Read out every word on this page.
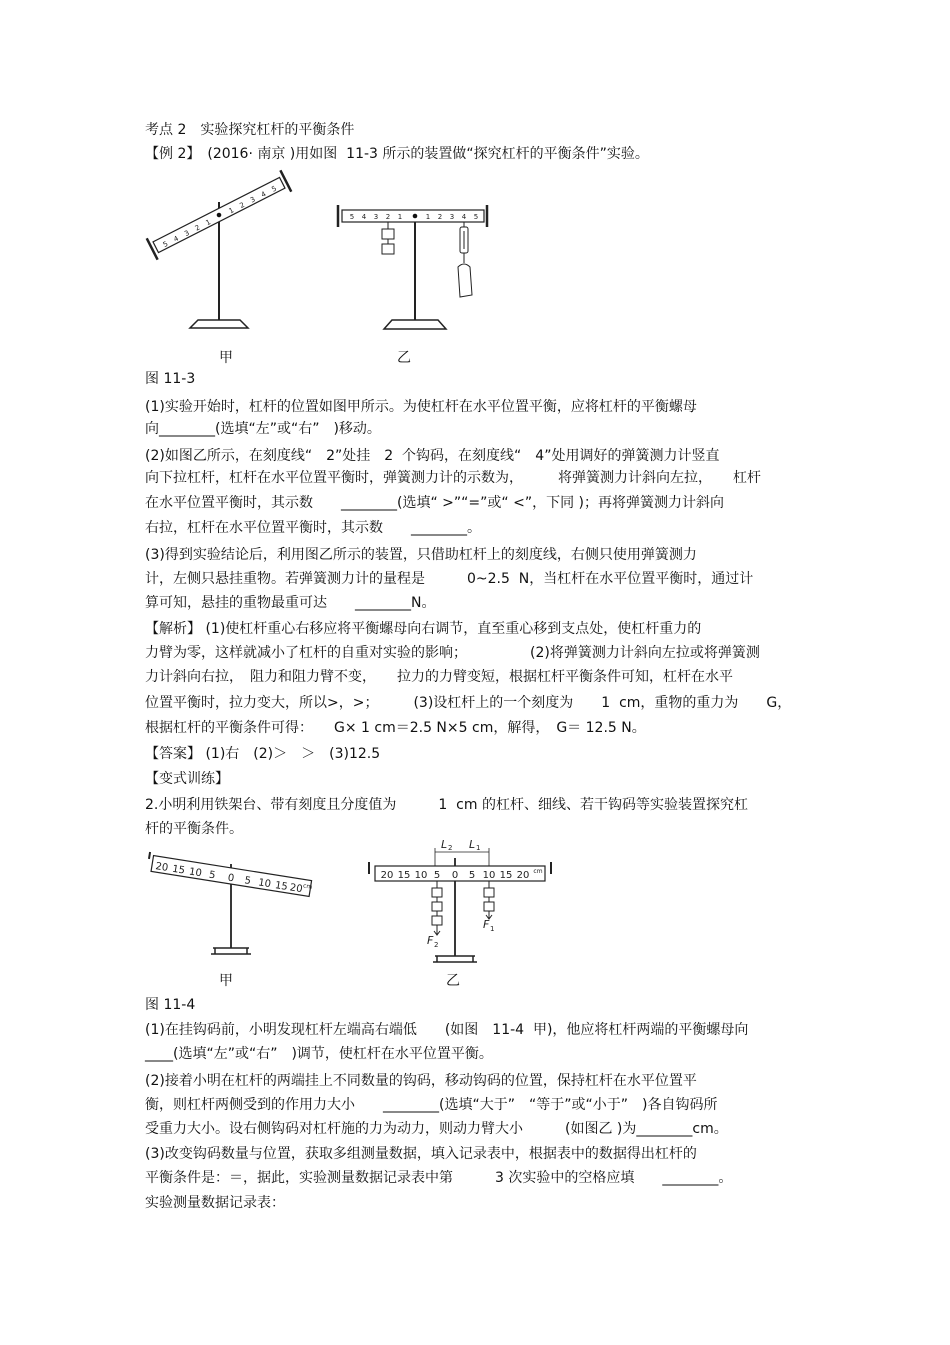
考点 2　实验探究杠杆的平衡条件
【例 2】　(2016· 南京 )用如图  11-3 所示的装置做“探究杠杆的平衡条件”实验。
5
4
3
2
1
1
2
3
4
5
5 4 3 2 1	1 2 3 4 5
甲	乙
图 11-3
(1)实验开始时，杠杆的位置如图甲所示。为使杠杆在水平位置平衡，应将杠杆的平衡螺母
向________(选填“左”或“右”　)移动。
(2)如图乙所示，在刻度线“　2”处挂　2  个钩码，在刻度线“　4”处用调好的弹簧测力计竖直
向下拉杠杆，杠杆在水平位置平衡时，弹簧测力计的示数为，　　　将弹簧测力计斜向左拉，　　杠杆
在水平位置平衡时，其示数　　________(选填“ >”“=”或“ <”，下同 )；再将弹簧测力计斜向
右拉，杠杆在水平位置平衡时，其示数　　________。
(3)得到实验结论后，利用图乙所示的装置，只借助杠杆上的刻度线，右侧只使用弹簧测力
计，左侧只悬挂重物。若弹簧测力计的量程是　　　0~2.5  N，当杠杆在水平位置平衡时，通过计
算可知，悬挂的重物最重可达　　________N。
【解析】 (1)使杠杆重心右移应将平衡螺母向右调节，直至重心移到支点处，使杠杆重力的
力臂为零，这样就减小了杠杆的自重对实验的影响；　　　　　(2)将弹簧测力计斜向左拉或将弹簧测
力计斜向右拉，　阻力和阻力臂不变，　　拉力的力臂变短，根据杠杆平衡条件可知，杠杆在水平
位置平衡时，拉力变大，所以>，>；　　　(3)设杠杆上的一个刻度为　　1  cm，重物的重力为　　G，
根据杠杆的平衡条件可得：　　G× 1 cm＝2.5 N×5 cm，解得，　G＝ 12.5 N。
【答案】 (1)右　(2)＞　＞　(3)12.5
【变式训练】
2.小明利用铁架台、带有刻度且分度值为　　　1  cm 的杠杆、细线、若干钩码等实验装置探究杠
杆的平衡条件。
20 15 10 5 0 5 10 15 20 cm
L 2 L 1
20 15 10 5 0 5 10 15 20 cm
F 2
F 1
甲	乙
图 11-4
(1)在挂钩码前，小明发现杠杆左端高右端低　　(如图　11-4  甲)，他应将杠杆两端的平衡螺母向
____(选填“左”或“右”　)调节，使杠杆在水平位置平衡。
(2)接着小明在杠杆的两端挂上不同数量的钩码，移动钩码的位置，保持杠杆在水平位置平
衡，则杠杆两侧受到的作用力大小　　________(选填“大于”　“等于”或“小于”　)各自钩码所
受重力大小。设右侧钩码对杠杆施的力为动力，则动力臂大小　　　(如图乙 )为________cm。
(3)改变钩码数量与位置，获取多组测量数据，填入记录表中，根据表中的数据得出杠杆的
平衡条件是：＝，据此，实验测量数据记录表中第　　　3 次实验中的空格应填　　________。
实验测量数据记录表：
